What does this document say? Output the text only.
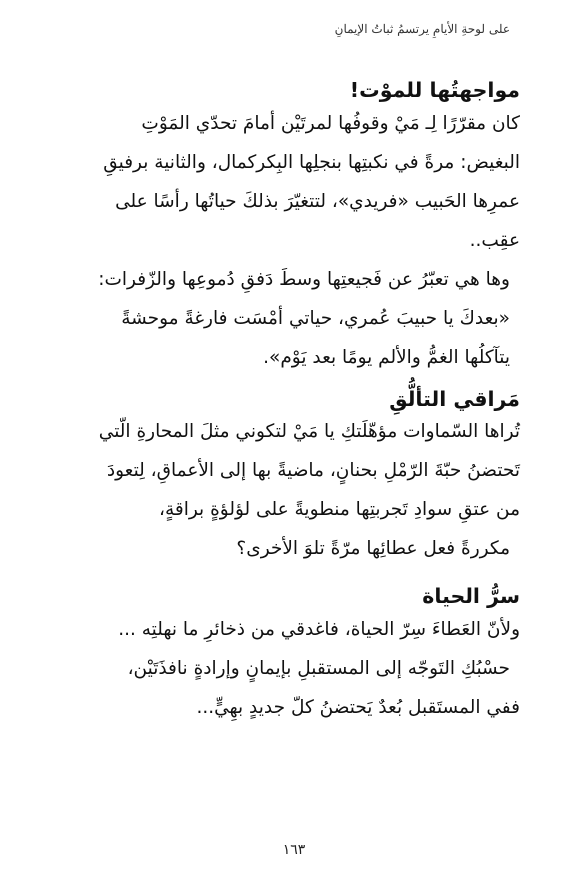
على لوحةِ الأيامِ يرتسمُ ثباتُ الإيمانِ
مواجهتُها للموْت!
كان مقرّرًا لِـ مَيْ وقوفُها لمرتَيْن أمامَ تحدّي المَوْتِ
البغيض: مرةً في نكبتِها بنجلِها البِكركمال، والثانية برفيقِ
عمرِها الحَبيب «فريدي»، لتتغيّرَ بذلكَ حياتُها رأسًا على
عقِب..
وها هي تعبّرُ عن فَجيعتِها وسطَ دَفقِ دُموعِها والزّفرات:
«بعدكَ يا حبيبَ عُمري، حياتي أمْسَت فارغةً موحشةً
يتآكلُها الغمُّ والألم يومًا بعد يَوْم».
مَراقي التألُّقِ
تُراها السّماوات مؤهّلَتكِ يا مَيْ لتكوني مثلَ المحارةِ الّتي
تَحتضنُ حبّةَ الرّمْلِ بحنانٍ، ماضيةً بها إلى الأعماقِ، لِتعودَ
من عتقِ سوادِ تَجربتِها منطويةً على لؤلؤةٍ براقةٍ،
مكررةً فعل عطائِها مرّةً تلوَ الأخرى؟
سرُّ الحياة
ولأنّ العَطاءَ سِرّ الحياة، فاغدقي من ذخائرِ ما نهلتِه ...
حسْبُكِ التَوجّه إلى المستقبلِ بإيمانٍ وإرادةٍ نافذَتَيْن،
ففي المستَقبل بُعدٌ يَحتضنُ كلّ جديدٍ بهِيٍّ...
١٦٣
